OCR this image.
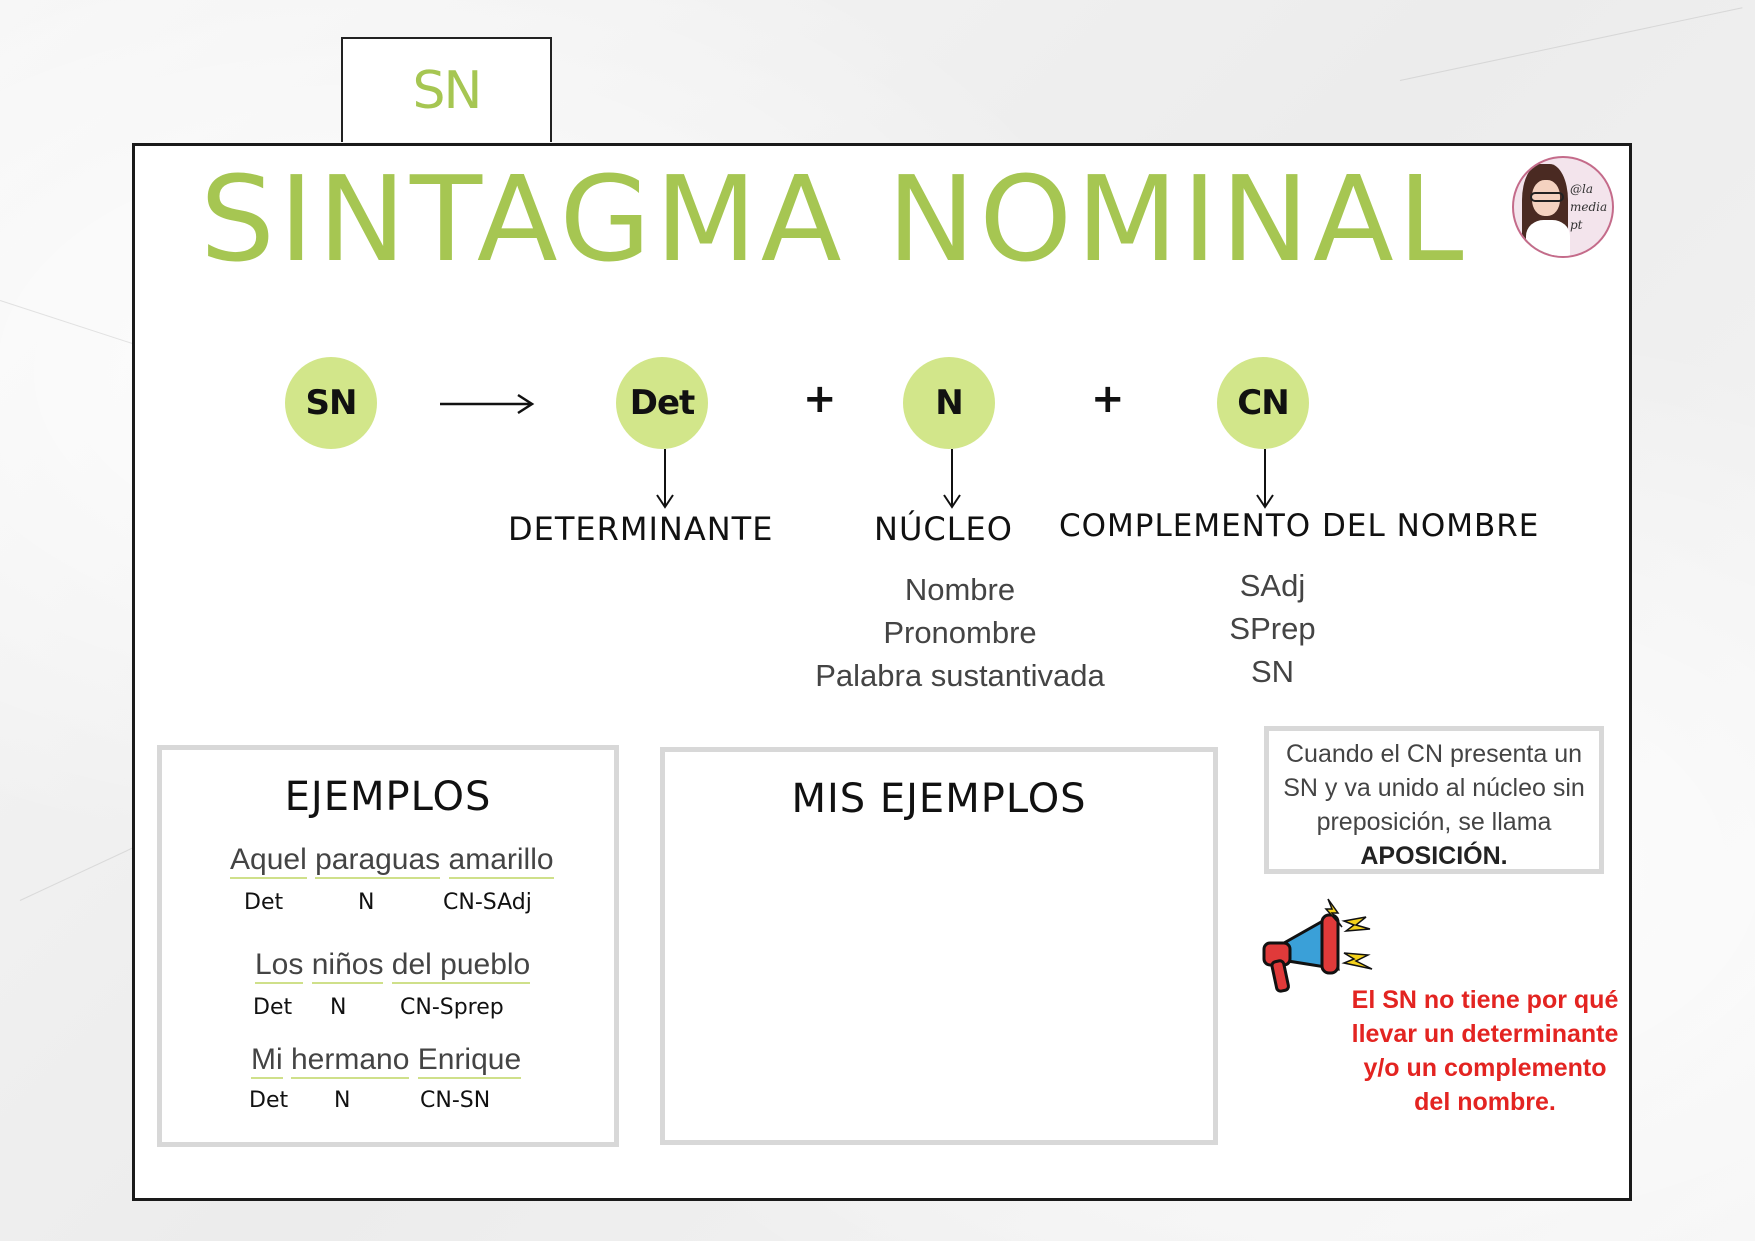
SN
SINTAGMA NOMINAL	@la
media
pt
SN	Det	+	N	+	CN
DETERMINANTE	NÚCLEO COMPLEMENTO DEL NOMBRE
Nombre
Pronombre
Palabra sustantivada
SAdj
SPrep
SN
EJEMPLOS
Aquel paraguas amarillo
Det	N	CN-SAdj
Los niños del pueblo
Det N CN-Sprep
Mi hermano Enrique
Det N	CN-SN
MIS EJEMPLOS
Cuando el CN presenta un SN y va unido al núcleo sin preposición, se llama
APOSICIÓN.
El SN no tiene por qué llevar un determinante y/o un complemento del nombre.
